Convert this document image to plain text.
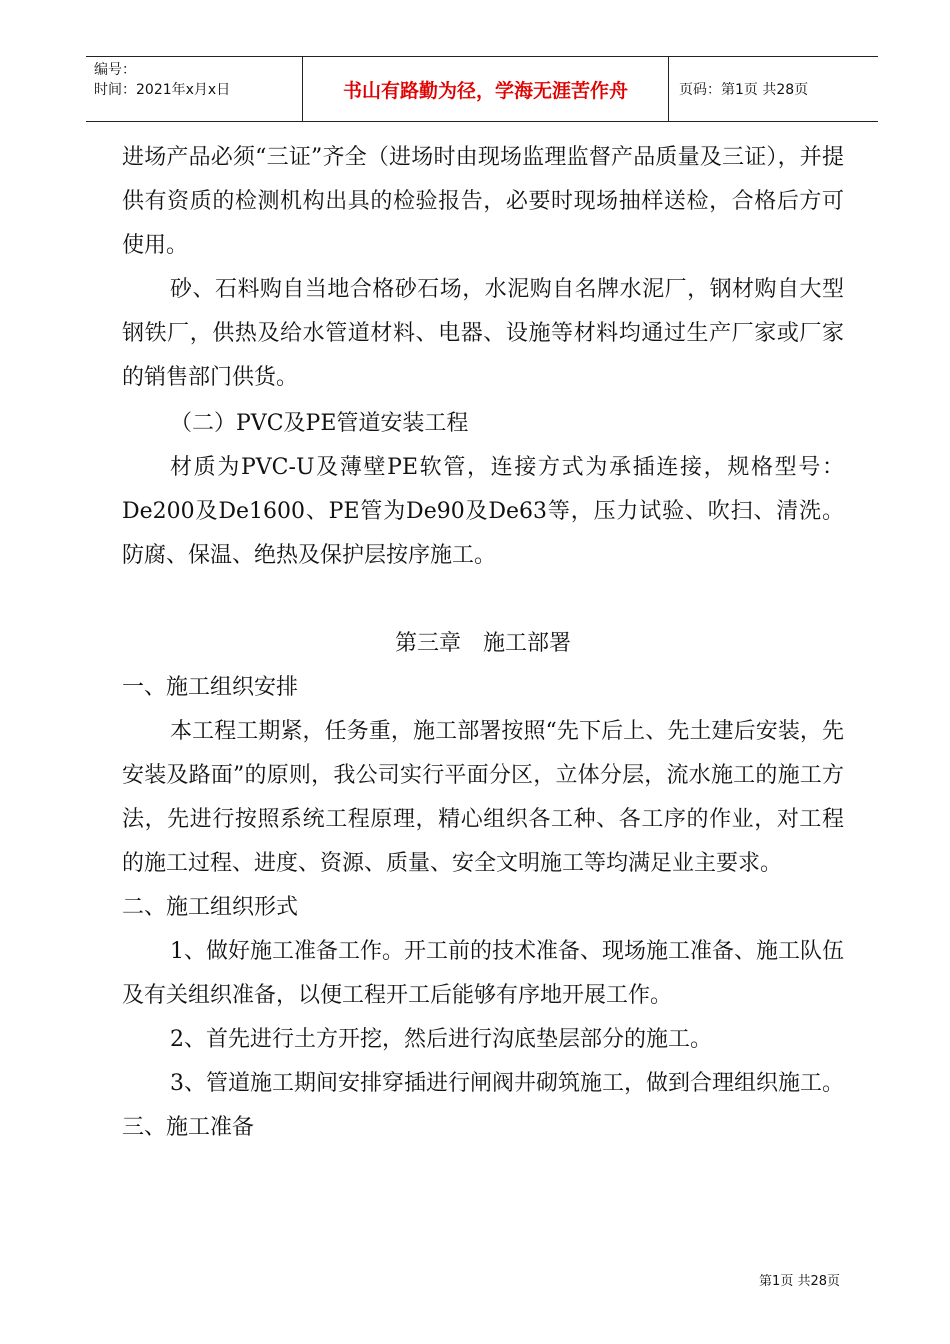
编号：
时间：2021年x月x日	书山有路勤为径，学海无涯苦作舟	页码：第1页 共28页

进场产品必须“三证”齐全（进场时由现场监理监督产品质量及三证），并提供有资质的检测机构出具的检验报告，必要时现场抽样送检，合格后方可使用。

砂、石料购自当地合格砂石场，水泥购自名牌水泥厂，钢材购自大型钢铁厂，供热及给水管道材料、电器、设施等材料均通过生产厂家或厂家的销售部门供货。

（二）PVC及PE管道安装工程

材质为PVC-U及薄壁PE软管，连接方式为承插连接，规格型号：De200及De1600、PE管为De90及De63等，压力试验、吹扫、清洗。防腐、保温、绝热及保护层按序施工。

第三章 施工部署

一、施工组织安排

本工程工期紧，任务重，施工部署按照“先下后上、先土建后安装，先安装及路面”的原则，我公司实行平面分区，立体分层，流水施工的施工方法，先进行按照系统工程原理，精心组织各工种、各工序的作业，对工程的施工过程、进度、资源、质量、安全文明施工等均满足业主要求。

二、施工组织形式

1、做好施工准备工作。开工前的技术准备、现场施工准备、施工队伍及有关组织准备，以便工程开工后能够有序地开展工作。

2、首先进行土方开挖，然后进行沟底垫层部分的施工。

3、管道施工期间安排穿插进行闸阀井砌筑施工，做到合理组织施工。

三、施工准备

第1页 共28页
